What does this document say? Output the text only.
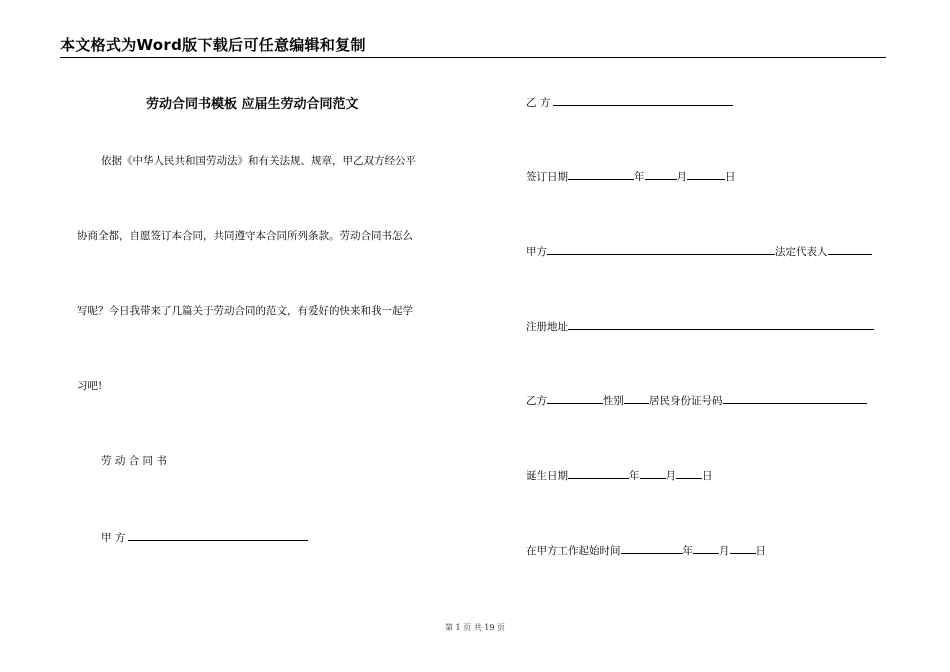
本文格式为Word版下载后可任意编辑和复制
劳动合同书模板 应届生劳动合同范文
依据《中华人民共和国劳动法》和有关法规、规章，甲乙双方经公平
协商全都，自愿签订本合同，共同遵守本合同所列条款。劳动合同书怎么
写呢？今日我带来了几篇关于劳动合同的范文，有爱好的快来和我一起学
习吧!
劳 动 合 同 书
甲 方
乙 方
签订日期	年	月	日
甲方	法定代表人
注册地址
乙方	性别 居民身份证号码
诞生日期	年 月 日
在甲方工作起始时间	年 月 日
第 1 页 共 19 页
